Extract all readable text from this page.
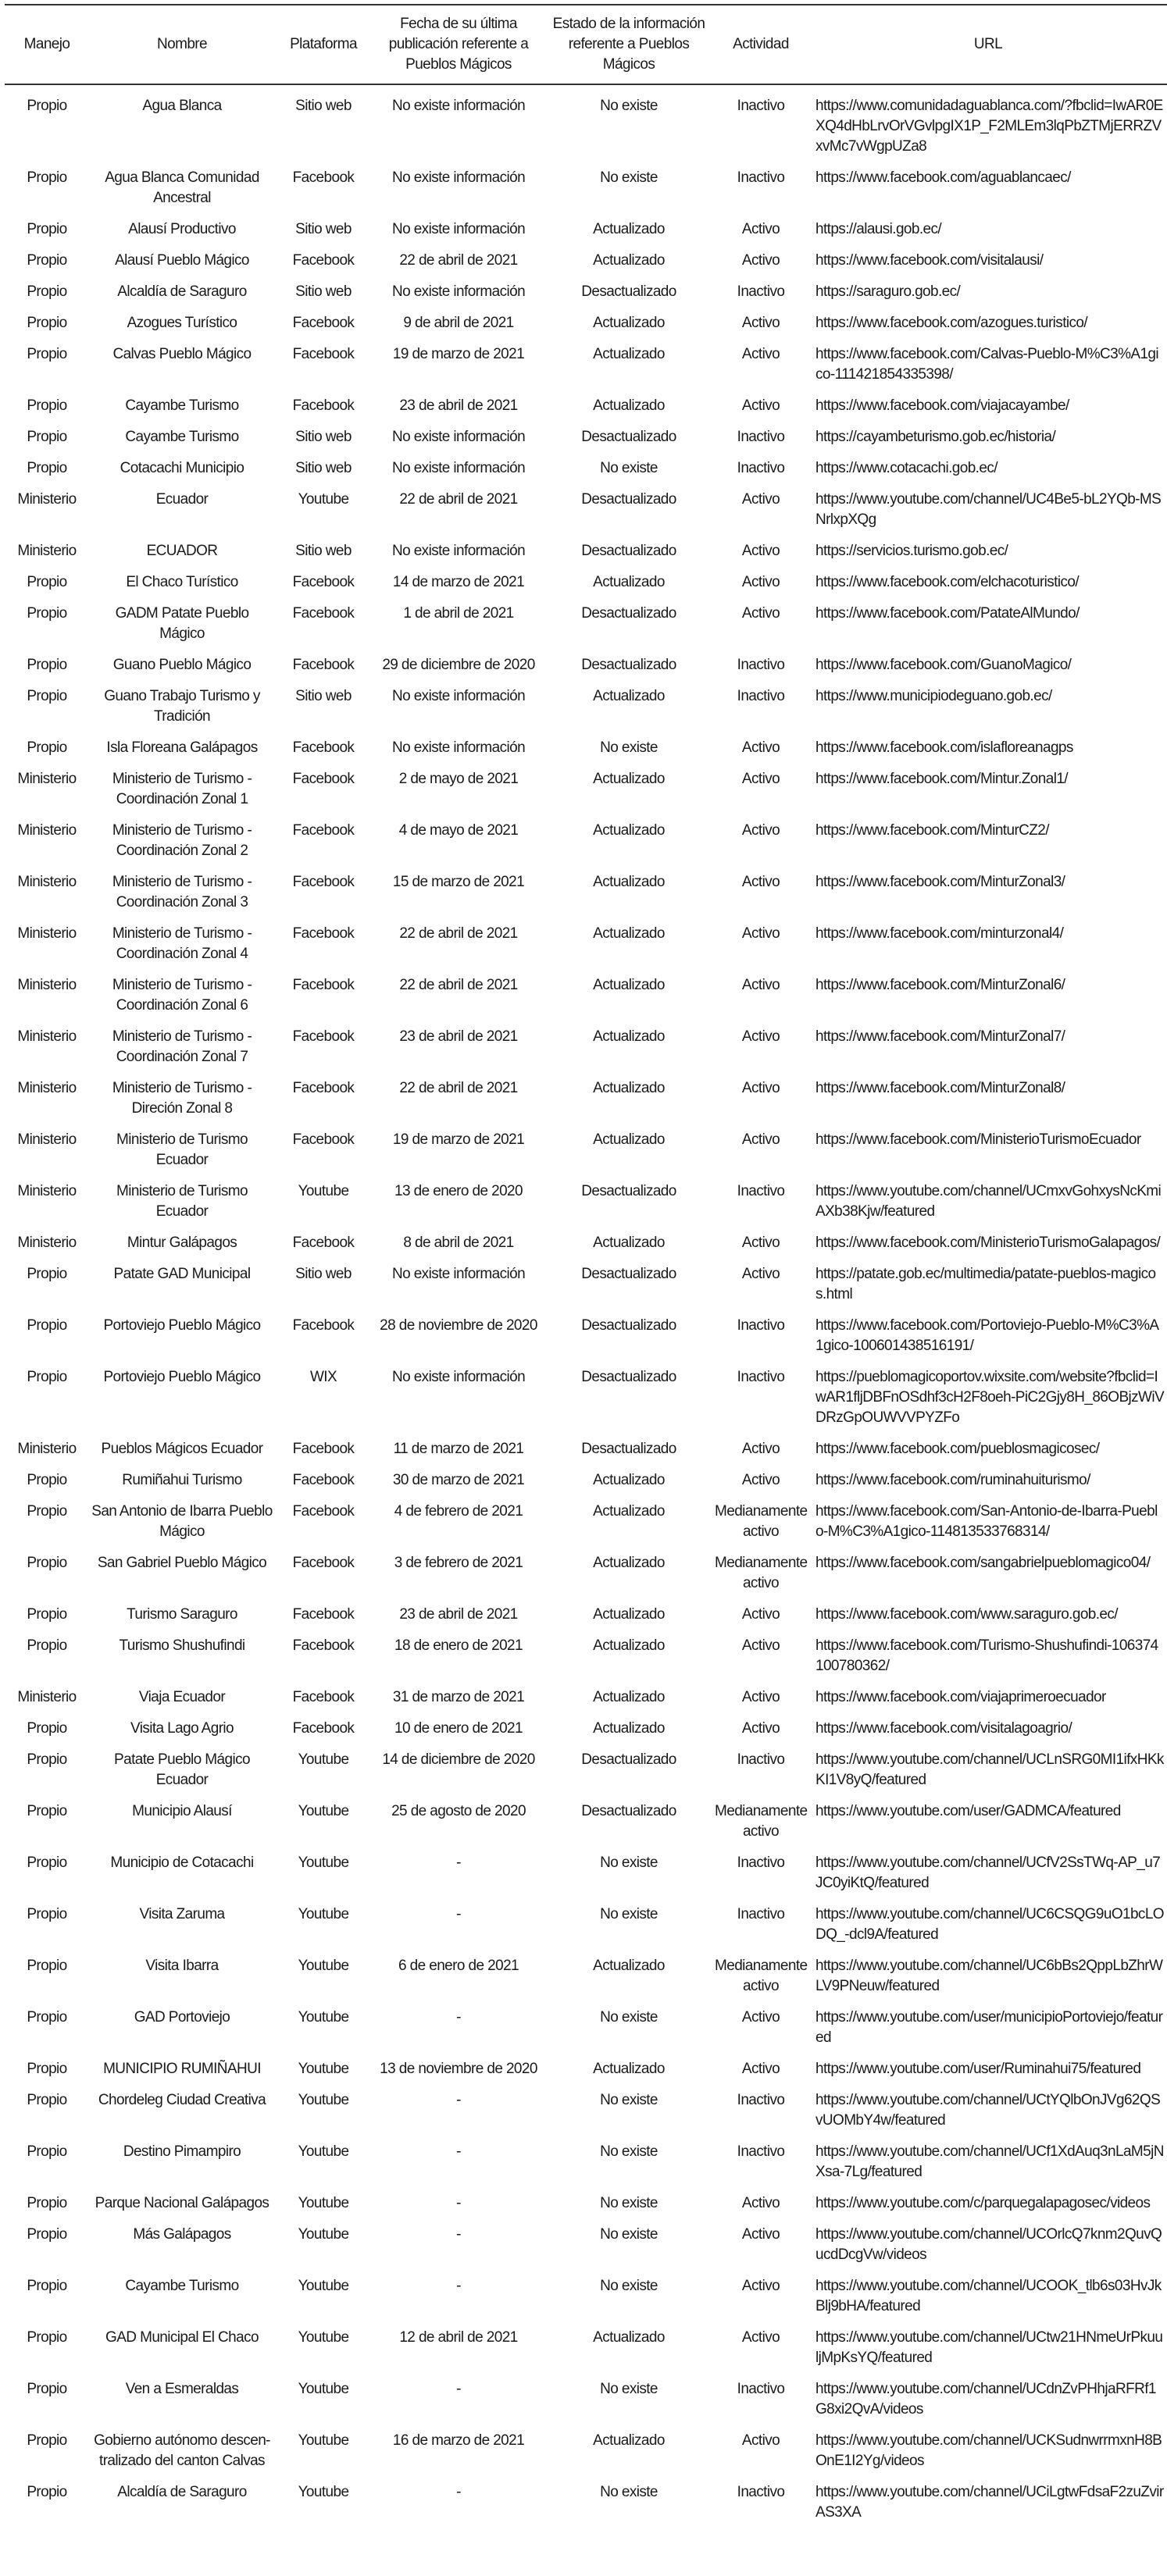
Manejo	Nombre	Plataforma	Fecha de su última publicación referente a Pueblos Mágicos	Estado de la información referente a Pueblos Mágicos	Actividad	URL
Propio	Agua Blanca	Sitio web	No existe información	No existe	Inactivo	https://www.comunidadaguablanca.com/?fbclid=IwAR0EXQ4dHbLrvOrVGvlpgIX1P_F2MLEm3lqPbZTMjERRZVxvMc7vWgpUZa8
Propio	Agua Blanca Comunidad Ancestral	Facebook	No existe información	No existe	Inactivo	https://www.facebook.com/aguablancaec/
Propio	Alausí Productivo	Sitio web	No existe información	Actualizado	Activo	https://alausi.gob.ec/
Propio	Alausí Pueblo Mágico	Facebook	22 de abril de 2021	Actualizado	Activo	https://www.facebook.com/visitalausi/
Propio	Alcaldía de Saraguro	Sitio web	No existe información	Desactualizado	Inactivo	https://saraguro.gob.ec/
Propio	Azogues Turístico	Facebook	9 de abril de 2021	Actualizado	Activo	https://www.facebook.com/azogues.turistico/
Propio	Calvas Pueblo Mágico	Facebook	19 de marzo de 2021	Actualizado	Activo	https://www.facebook.com/Calvas-Pueblo-M%C3%A1gico-111421854335398/
Propio	Cayambe Turismo	Facebook	23 de abril de 2021	Actualizado	Activo	https://www.facebook.com/viajacayambe/
Propio	Cayambe Turismo	Sitio web	No existe información	Desactualizado	Inactivo	https://cayambeturismo.gob.ec/historia/
Propio	Cotacachi Municipio	Sitio web	No existe información	No existe	Inactivo	https://www.cotacachi.gob.ec/
Ministerio	Ecuador	Youtube	22 de abril de 2021	Desactualizado	Activo	https://www.youtube.com/channel/UC4Be5-bL2YQb-MSNrlxpXQg
Ministerio	ECUADOR	Sitio web	No existe información	Desactualizado	Activo	https://servicios.turismo.gob.ec/
Propio	El Chaco Turístico	Facebook	14 de marzo de 2021	Actualizado	Activo	https://www.facebook.com/elchacoturistico/
Propio	GADM Patate Pueblo Mágico	Facebook	1 de abril de 2021	Desactualizado	Activo	https://www.facebook.com/PatateAlMundo/
Propio	Guano Pueblo Mágico	Facebook	29 de diciembre de 2020	Desactualizado	Inactivo	https://www.facebook.com/GuanoMagico/
Propio	Guano Trabajo Turismo y Tradición	Sitio web	No existe información	Actualizado	Inactivo	https://www.municipiodeguano.gob.ec/
Propio	Isla Floreana Galápagos	Facebook	No existe información	No existe	Activo	https://www.facebook.com/islafloreanagps
Ministerio	Ministerio de Turismo - Coordinación Zonal 1	Facebook	2 de mayo de 2021	Actualizado	Activo	https://www.facebook.com/Mintur.Zonal1/
Ministerio	Ministerio de Turismo - Coordinación Zonal 2	Facebook	4 de mayo de 2021	Actualizado	Activo	https://www.facebook.com/MinturCZ2/
Ministerio	Ministerio de Turismo - Coordinación Zonal 3	Facebook	15 de marzo de 2021	Actualizado	Activo	https://www.facebook.com/MinturZonal3/
Ministerio	Ministerio de Turismo - Coordinación Zonal 4	Facebook	22 de abril de 2021	Actualizado	Activo	https://www.facebook.com/minturzonal4/
Ministerio	Ministerio de Turismo - Coordinación Zonal 6	Facebook	22 de abril de 2021	Actualizado	Activo	https://www.facebook.com/MinturZonal6/
Ministerio	Ministerio de Turismo - Coordinación Zonal 7	Facebook	23 de abril de 2021	Actualizado	Activo	https://www.facebook.com/MinturZonal7/
Ministerio	Ministerio de Turismo - Direción Zonal 8	Facebook	22 de abril de 2021	Actualizado	Activo	https://www.facebook.com/MinturZonal8/
Ministerio	Ministerio de Turismo Ecuador	Facebook	19 de marzo de 2021	Actualizado	Activo	https://www.facebook.com/MinisterioTurismoEcuador
Ministerio	Ministerio de Turismo Ecuador	Youtube	13 de enero de 2020	Desactualizado	Inactivo	https://www.youtube.com/channel/UCmxvGohxysNcKmiAXb38Kjw/featured
Ministerio	Mintur Galápagos	Facebook	8 de abril de 2021	Actualizado	Activo	https://www.facebook.com/MinisterioTurismoGalapagos/
Propio	Patate GAD Municipal	Sitio web	No existe información	Desactualizado	Activo	https://patate.gob.ec/multimedia/patate-pueblos-magicos.html
Propio	Portoviejo Pueblo Mágico	Facebook	28 de noviembre de 2020	Desactualizado	Inactivo	https://www.facebook.com/Portoviejo-Pueblo-M%C3%A1gico-100601438516191/
Propio	Portoviejo Pueblo Mágico	WIX	No existe información	Desactualizado	Inactivo	https://pueblomagicoportov.wixsite.com/website?fbclid=IwAR1fljDBFnOSdhf3cH2F8oeh-PiC2Gjy8H_86OBjzWiVDRzGpOUWVVPYZFo
Ministerio	Pueblos Mágicos Ecuador	Facebook	11 de marzo de 2021	Desactualizado	Activo	https://www.facebook.com/pueblosmagicosec/
Propio	Rumiñahui Turismo	Facebook	30 de marzo de 2021	Actualizado	Activo	https://www.facebook.com/ruminahuiturismo/
Propio	San Antonio de Ibarra Pueblo Mágico	Facebook	4 de febrero de 2021	Actualizado	Medianamente activo	https://www.facebook.com/San-Antonio-de-Ibarra-Pueblo-M%C3%A1gico-114813533768314/
Propio	San Gabriel Pueblo Mágico	Facebook	3 de febrero de 2021	Actualizado	Medianamente activo	https://www.facebook.com/sangabrielpueblomagico04/
Propio	Turismo Saraguro	Facebook	23 de abril de 2021	Actualizado	Activo	https://www.facebook.com/www.saraguro.gob.ec/
Propio	Turismo Shushufindi	Facebook	18 de enero de 2021	Actualizado	Activo	https://www.facebook.com/Turismo-Shushufindi-106374100780362/
Ministerio	Viaja Ecuador	Facebook	31 de marzo de 2021	Actualizado	Activo	https://www.facebook.com/viajaprimeroecuador
Propio	Visita Lago Agrio	Facebook	10 de enero de 2021	Actualizado	Activo	https://www.facebook.com/visitalagoagrio/
Propio	Patate Pueblo Mágico Ecuador	Youtube	14 de diciembre de 2020	Desactualizado	Inactivo	https://www.youtube.com/channel/UCLnSRG0MI1ifxHKkKI1V8yQ/featured
Propio	Municipio Alausí	Youtube	25 de agosto de 2020	Desactualizado	Medianamente activo	https://www.youtube.com/user/GADMCA/featured
Propio	Municipio de Cotacachi	Youtube	-	No existe	Inactivo	https://www.youtube.com/channel/UCfV2SsTWq-AP_u7JC0yiKtQ/featured
Propio	Visita Zaruma	Youtube	-	No existe	Inactivo	https://www.youtube.com/channel/UC6CSQG9uO1bcLODQ_-dcl9A/featured
Propio	Visita Ibarra	Youtube	6 de enero de 2021	Actualizado	Medianamente activo	https://www.youtube.com/channel/UC6bBs2QppLbZhrWLV9PNeuw/featured
Propio	GAD Portoviejo	Youtube	-	No existe	Activo	https://www.youtube.com/user/municipioPortoviejo/featured
Propio	MUNICIPIO RUMIÑAHUI	Youtube	13 de noviembre de 2020	Actualizado	Activo	https://www.youtube.com/user/Ruminahui75/featured
Propio	Chordeleg Ciudad Creativa	Youtube	-	No existe	Inactivo	https://www.youtube.com/channel/UCtYQlbOnJVg62QSvUOMbY4w/featured
Propio	Destino Pimampiro	Youtube	-	No existe	Inactivo	https://www.youtube.com/channel/UCf1XdAuq3nLaM5jNXsa-7Lg/featured
Propio	Parque Nacional Galápagos	Youtube	-	No existe	Activo	https://www.youtube.com/c/parquegalapagosec/videos
Propio	Más Galápagos	Youtube	-	No existe	Activo	https://www.youtube.com/channel/UCOrlcQ7knm2QuvQucdDcgVw/videos
Propio	Cayambe Turismo	Youtube	-	No existe	Activo	https://www.youtube.com/channel/UCOOK_tlb6s03HvJkBlj9bHA/featured
Propio	GAD Municipal El Chaco	Youtube	12 de abril de 2021	Actualizado	Activo	https://www.youtube.com/channel/UCtw21HNmeUrPkuuljMpKsYQ/featured
Propio	Ven a Esmeraldas	Youtube	-	No existe	Inactivo	https://www.youtube.com/channel/UCdnZvPHhjaRFRf1G8xi2QvA/videos
Propio	Gobierno autónomo descen-tralizado del canton Calvas	Youtube	16 de marzo de 2021	Actualizado	Activo	https://www.youtube.com/channel/UCKSudnwrrmxnH8BOnE1I2Yg/videos
Propio	Alcaldía de Saraguro	Youtube	-	No existe	Inactivo	https://www.youtube.com/channel/UCiLgtwFdsaF2zuZvirAS3XA
